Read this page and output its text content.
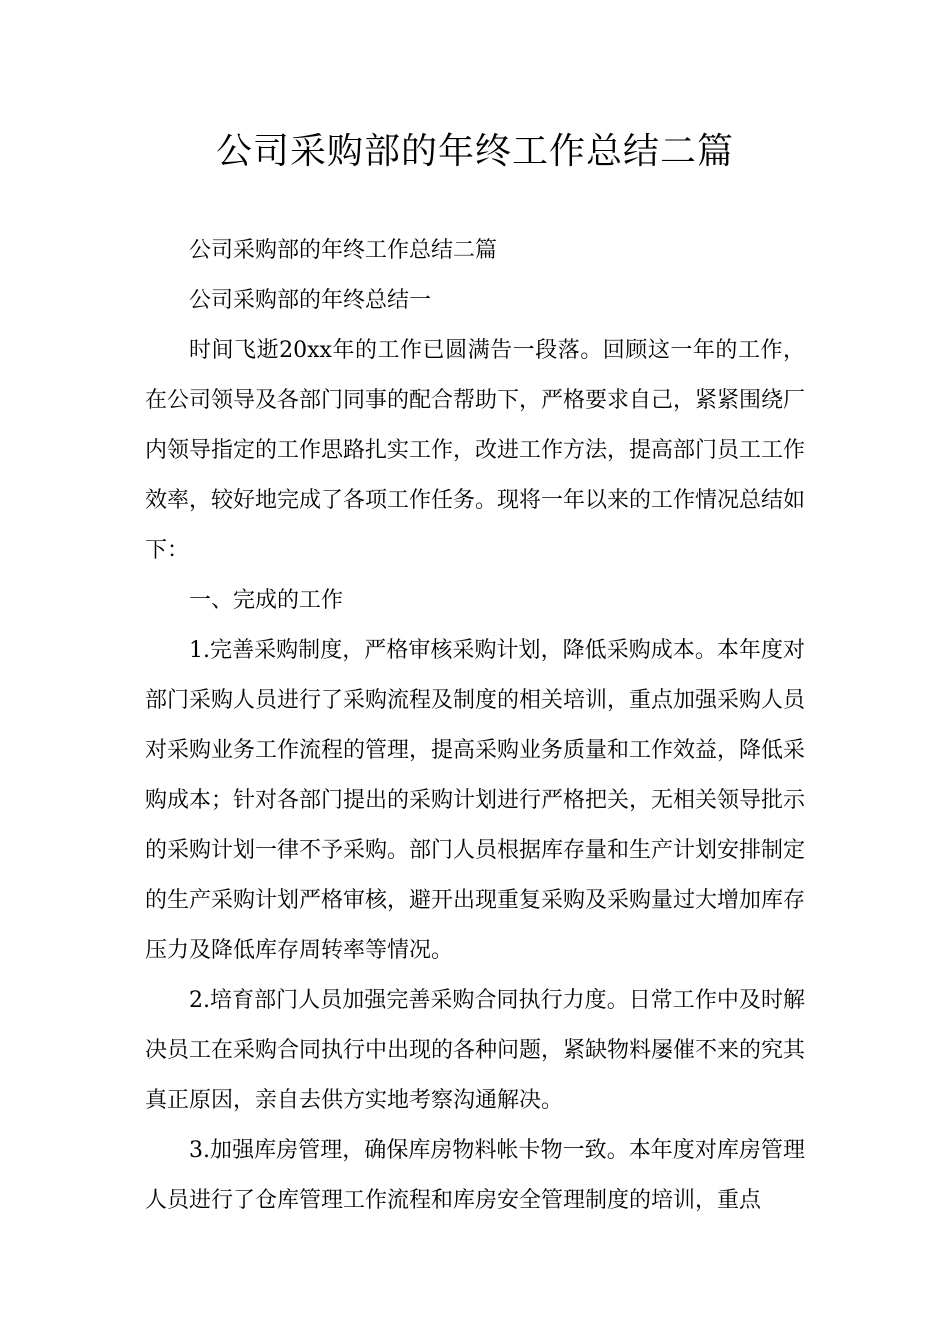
公司采购部的年终工作总结二篇

公司采购部的年终工作总结二篇

公司采购部的年终总结一

时间飞逝20xx年的工作已圆满告一段落。回顾这一年的工作，在公司领导及各部门同事的配合帮助下，严格要求自己，紧紧围绕厂内领导指定的工作思路扎实工作，改进工作方法，提高部门员工工作效率，较好地完成了各项工作任务。现将一年以来的工作情况总结如下：

一、完成的工作

1.完善采购制度，严格审核采购计划，降低采购成本。本年度对部门采购人员进行了采购流程及制度的相关培训，重点加强采购人员对采购业务工作流程的管理，提高采购业务质量和工作效益，降低采购成本；针对各部门提出的采购计划进行严格把关，无相关领导批示的采购计划一律不予采购。部门人员根据库存量和生产计划安排制定的生产采购计划严格审核，避开出现重复采购及采购量过大增加库存压力及降低库存周转率等情况。

2.培育部门人员加强完善采购合同执行力度。日常工作中及时解决员工在采购合同执行中出现的各种问题，紧缺物料屡催不来的究其真正原因，亲自去供方实地考察沟通解决。

3.加强库房管理，确保库房物料帐卡物一致。本年度对库房管理人员进行了仓库管理工作流程和库房安全管理制度的培训，重点
